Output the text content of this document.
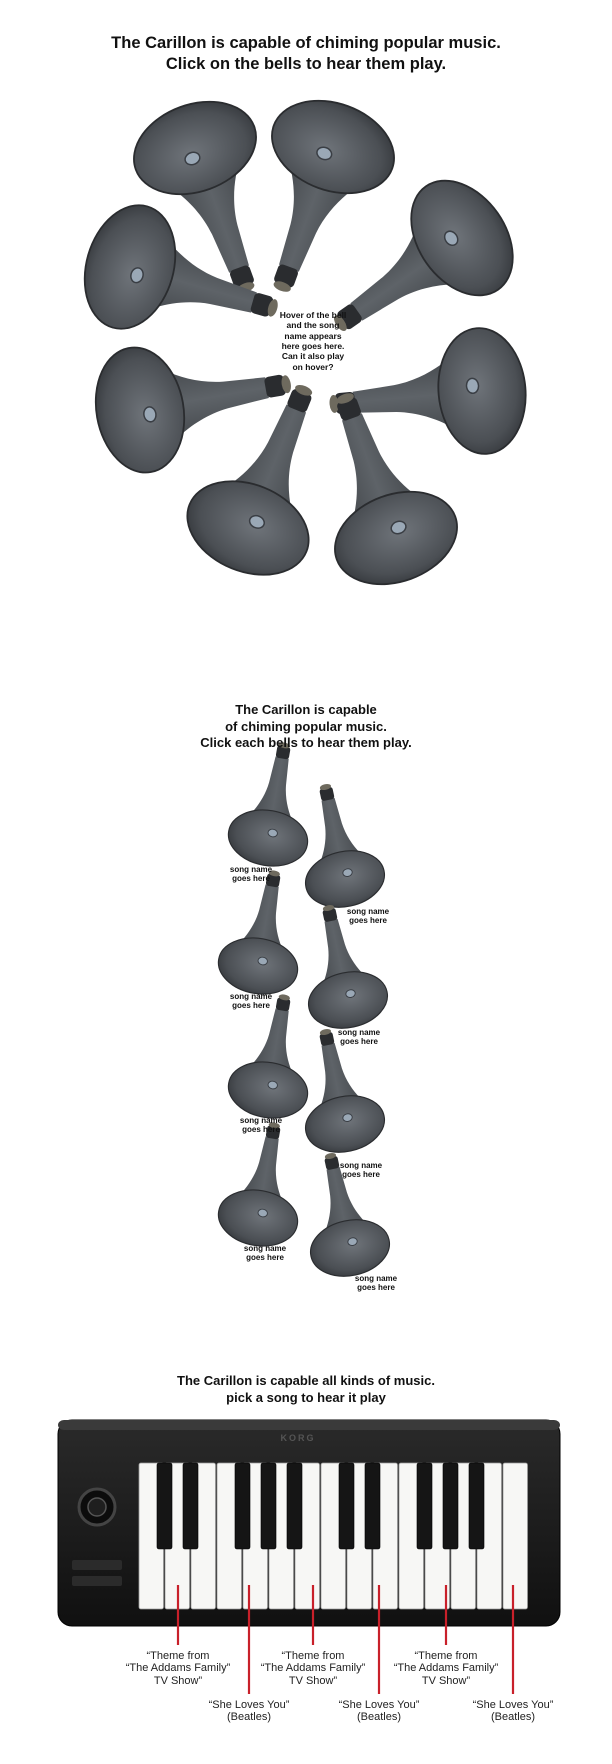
KORG
The Carillon is capable of chiming popular music.
Click on the bells to hear them play.
Hover of the bell
and the song
name appears
here goes here.
Can it also play
on hover?
The Carillon is capable
of chiming popular music.
Click each bells to hear them play.
song name
goes here
song name
goes here
song name
goes here
song name
goes here
song name
goes here
song name
goes here
song name
goes here
song name
goes here
The Carillon is capable all kinds of music.
pick a song to hear it play
“Theme from
“The Addams Family”
TV Show”
“She Loves You”
(Beatles)
“Theme from
“The Addams Family”
TV Show”
“She Loves You”
(Beatles)
“Theme from
“The Addams Family”
TV Show”
“She Loves You”
(Beatles)
